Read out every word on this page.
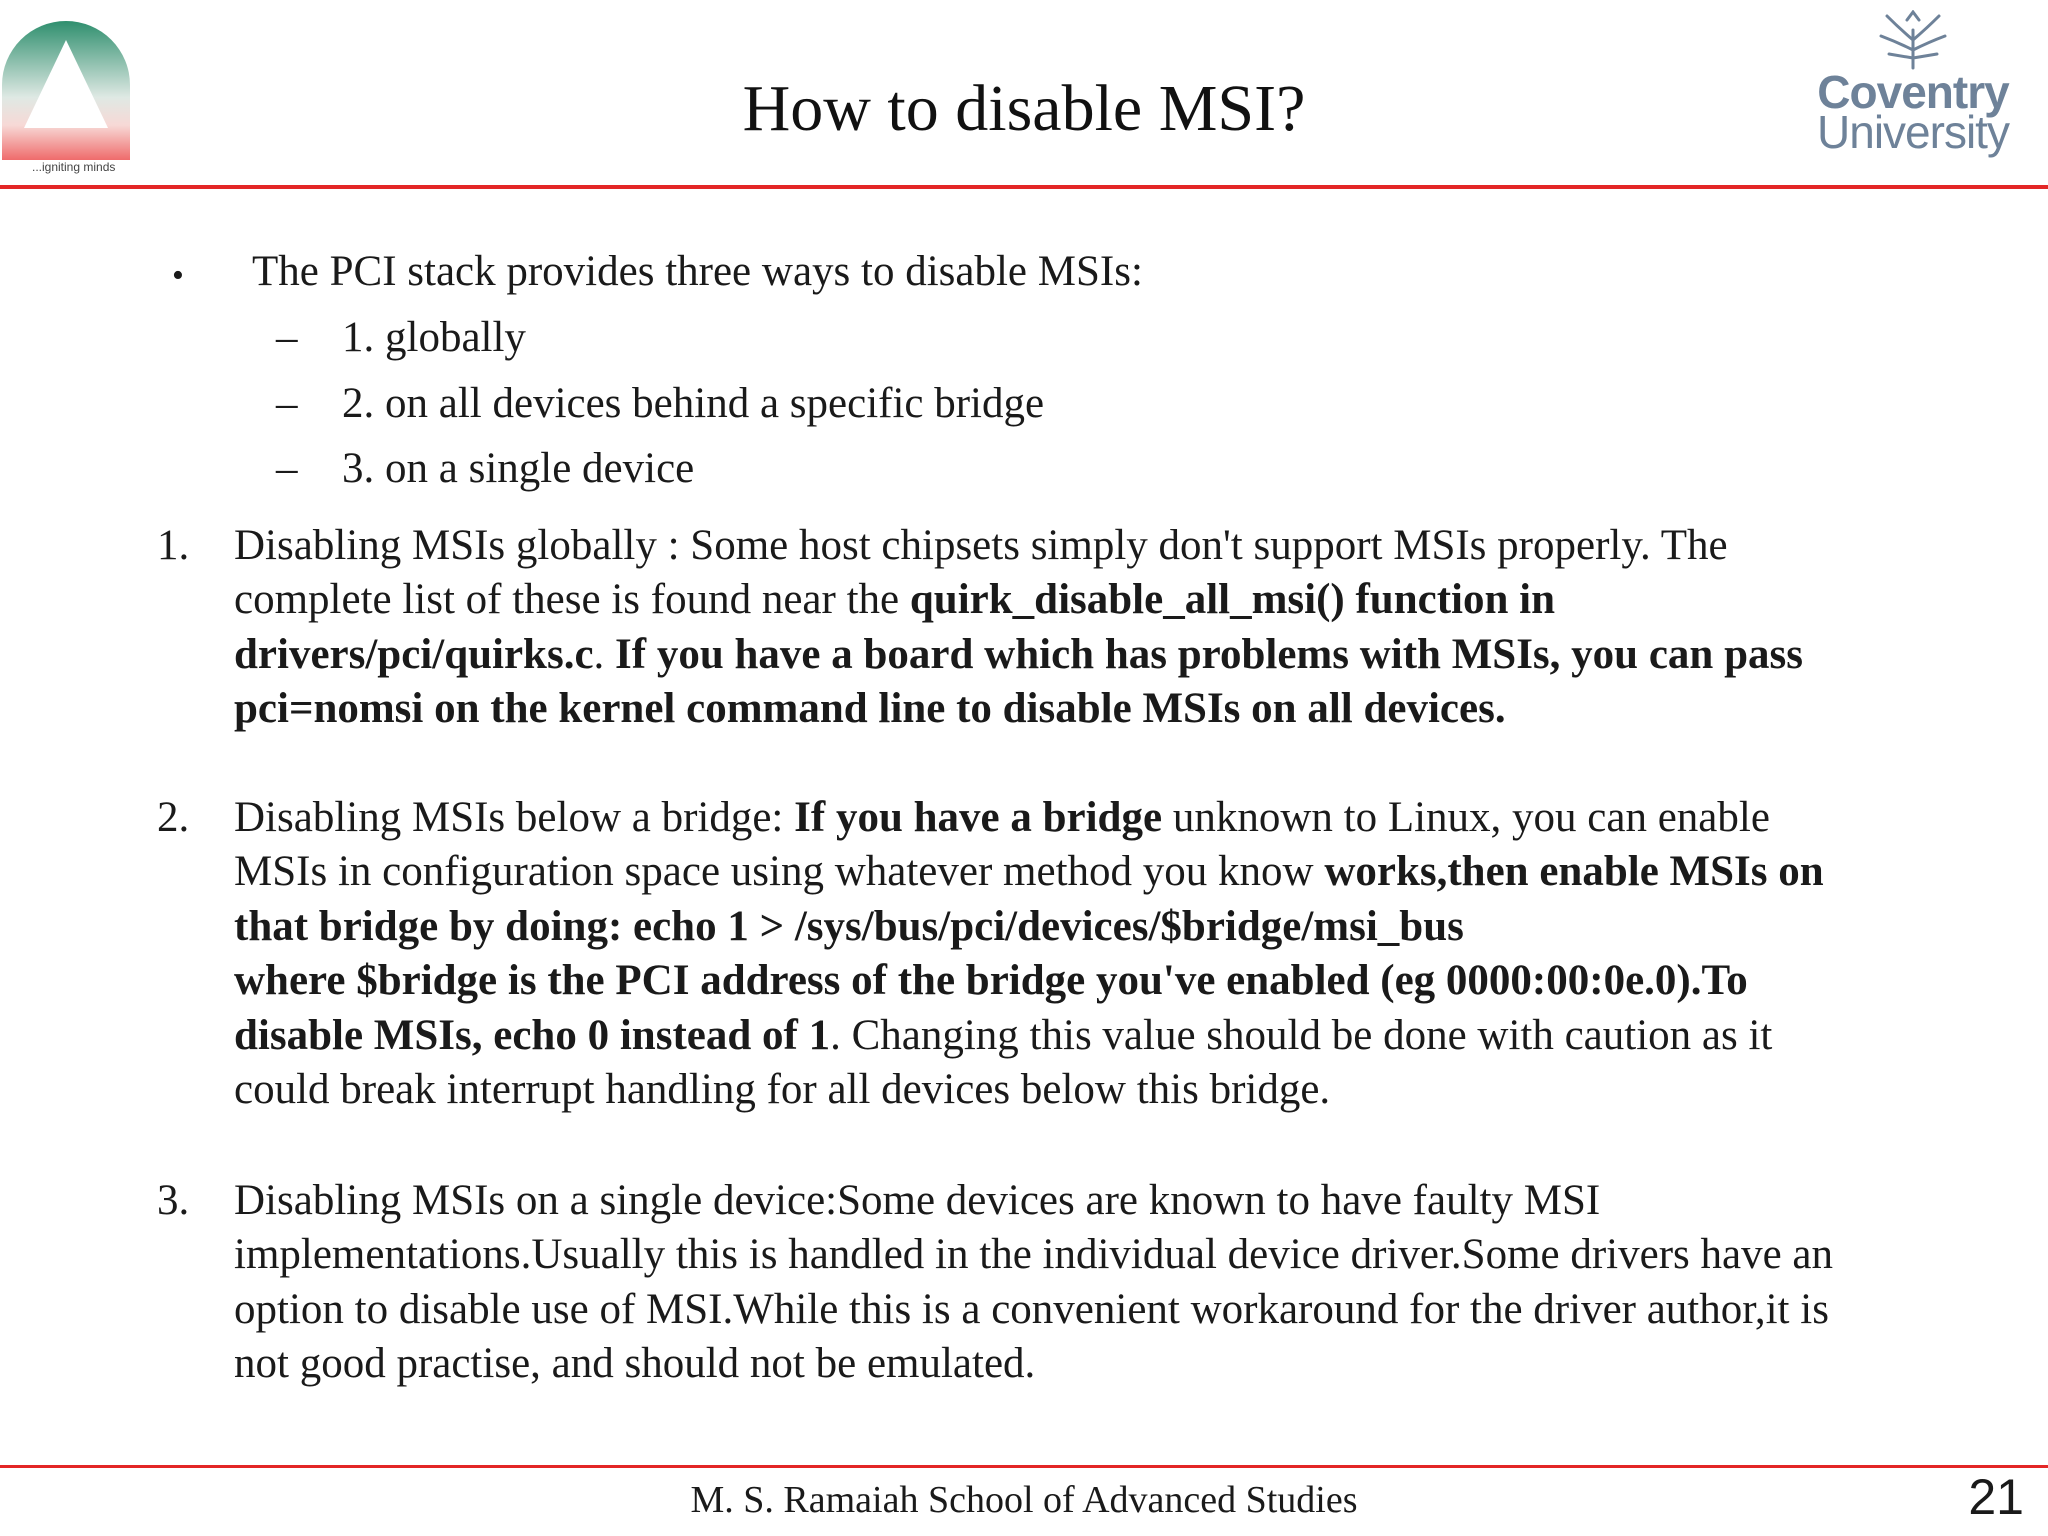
...igniting minds
How to disable MSI?	Coventry
University
• The PCI stack provides three ways to disable MSIs:
– 1. globally
– 2. on all devices behind a specific bridge
– 3. on a single device
1. Disabling MSIs globally : Some host chipsets simply don't support MSIs properly. The

complete list of these is found near the quirk_disable_all_msi() function in

drivers/pci/quirks.c. If you have a board which has problems with MSIs, you can pass

pci=nomsi on the kernel command line to disable MSIs on all devices.

2. Disabling MSIs below a bridge: If you have a bridge unknown to Linux, you can enable

MSIs in configuration space using whatever method you know works,then enable MSIs on

that bridge by doing: echo 1 > /sys/bus/pci/devices/$bridge/msi_bus

where $bridge is the PCI address of the bridge you've enabled (eg 0000:00:0e.0).To

disable MSIs, echo 0 instead of 1. Changing this value should be done with caution as it

could break interrupt handling for all devices below this bridge.

3. Disabling MSIs on a single device:Some devices are known to have faulty MSI

implementations.Usually this is handled in the individual device driver.Some drivers have an

option to disable use of MSI.While this is a convenient workaround for the driver author,it is

not good practise, and should not be emulated.

M. S. Ramaiah School of Advanced Studies	21
